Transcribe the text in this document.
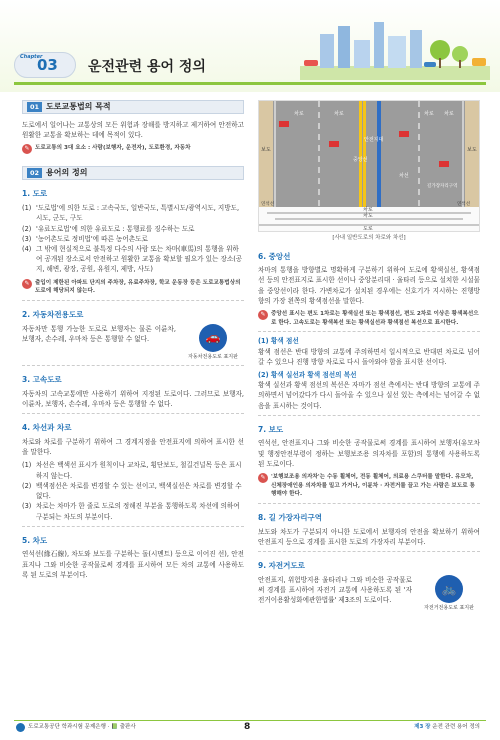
Chapter
03 운전관련 용어 정의
01 도로교통법의 목적

도로에서 일어나는 교통상의 모든 위험과 장해를 방지하고 제거하여 안전하고 원활한 교통을 확보하는 데에 목적이 있다.

✎ 도로교통의 3대 요소 : 사람(보행자, 운전자), 도로환경, 자동차
02 용어의 정의
1. 도로
(1) '도로법'에 의한 도로 : 고속국도, 일반국도, 특별시도/광역시도, 지방도, 시도, 군도, 구도
(2) '유료도로법'에 의한 유료도로 : 통행료를 징수하는 도로
(3) '농어촌도로 정비법'에 따른 농어촌도로
(4) 그 밖에 현실적으로 불특정 다수의 사람 또는 차마(車馬)의 통행을 위하여 공개된 장소로서 안전하고 원활한 교통을 확보할 필요가 있는 장소(공지, 해변, 광장, 공원, 유원지, 제방, 사도)
✎ 출입이 제한된 아파트 단지의 주차장, 유료주차장, 학교 운동장 등은 도로교통법상의 도로에 해당되지 않는다.
2. 자동차전용도로

자동차만 통행 가능한 도로로 보행자는 물론 이륜차, 보행자, 손수레, 우마차 등은 통행할 수 없다.	🚗
자동차전용도로 표지판
3. 고속도로

자동차의 고속교통에만 사용하기 위하여 지정된 도로이다. 그러므로 보행자, 이륜차, 보행자, 손수레, 우마차 등은 통행할 수 없다.

4. 차선과 차로

차로와 차로를 구분하기 위하여 그 경계지점을 안전표지에 의하여 표시한 선을 말한다.

(1) 차선은 백색선 표시가 원칙이나 교차로, 횡단보도, 철길건널목 등은 표시하지 않는다.
(2) 백색점선은 차로를 변경할 수 있는 선이고, 백색실선은 차로를 변경할 수 없다.
(3) 차로는 차마가 한 줄로 도로의 정해진 부분을 통행하도록 차선에 의하여 구분되는 차도의 부분이다.
5. 차도

연석선(緣石線), 차도와 보도를 구분하는 돌(시멘트) 등으로 이어진 선), 안전표지나 그와 비슷한 공작물로써 경계를 표시하여 모든 차의 교통에 사용하도록 된 도로의 부분이다.

차로	차로	차로 차로
중앙선
보도	보도
안전지대
길가장자리구역
차선
연석선	연석선
차로
차도
도로
[사내 일반도로의 차로와 차선]
6. 중앙선

차마의 통행을 방향별로 명확하게 구분하기 위하여 도로에 황색실선, 황색점선 등의 안전표지로 표시한 선이나 중앙분리대 · 울타리 등으로 설치한 시설물을 중앙선이라 한다. 가변차로가 설치된 경우에는 신호기가 지시하는 진행방향의 가장 왼쪽의 황색점선을 말한다.

✎ 중앙선 표시는 편도 1차로는 황색실선 또는 황색점선, 편도 2차로 이상은 황색복선으로 한다. 고속도로는 황색복선 또는 황색실선과 황색점선 복선으로 표시한다.
(1) 황색 점선

황색 점선은 반대 방향의 교통에 주의하면서 일시적으로 반대편 차로로 넘어갈 수 있으나 진행 방향 차로로 다시 돌아와야 함을 표시한 선이다.

(2) 황색 실선과 황색 점선의 복선

황색 실선과 황색 점선의 복선은 자마가 점선 측에서는 반대 방향의 교통에 주의하면서 넘어갔다가 다시 돌아올 수 있으나 실선 있는 측에서는 넘어갈 수 없음을 표시하는 것이다.

7. 보도

연석선, 안전표지나 그와 비슷한 공작물로써 경계를 표시하여 보행자(유모차 및 행정안전부령이 정하는 보행보조용 의자차를 포함)의 통행에 사용하도록 된 도로이다.

✎ '보행보조용 의자차'는 수동 휠체어, 전동 휠체어, 의료용 스쿠터를 말한다. 유모차, 신체장애인용 의자차를 밀고 가거나, 이륜차 · 자전거를 끌고 가는 사람은 보도로 통행해야 한다.
8. 길 가장자리구역

보도와 차도가 구분되지 아니한 도로에서 보행자의 안전을 확보하기 위하여 안전표지 등으로 경계를 표시한 도로의 가장자리 부분이다.

9. 자전거도로

안전표지, 위험방지용 울타리나 그와 비슷한 공작물로써 경계를 표시하여 자전거 교통에 사용하도록 된 '자전거이용활성화에관한법률' 제3조의 도로이다.

🚲
자전거전용도로 표지판
도로교통공단 학과시험 문제은행 · 📗 출판사	8	제3 장 운전 관련 용어 정의
